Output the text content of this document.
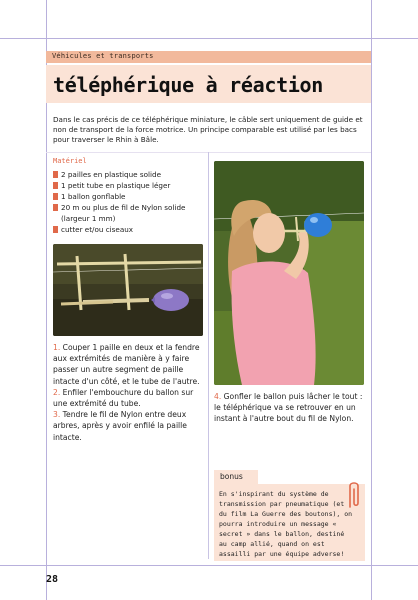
Véhicules et transports
téléphérique à réaction
Dans le cas précis de ce téléphérique miniature, le câble sert uniquement de guide et non de transport de la force motrice. Un principe comparable est utilisé par les bacs pour traverser le Rhin à Bâle.
Matériel
2 pailles en plastique solide
1 petit tube en plastique léger
1 ballon gonflable
20 m ou plus de fil de Nylon solide
(largeur 1 mm)
cutter et/ou ciseaux
1. Couper 1 paille en deux et la fendre aux extrémités de manière à y faire passer un autre segment de paille intacte d'un côté, et le tube de l'autre.
2. Enfiler l'embouchure du ballon sur une extrémité du tube.
3. Tendre le fil de Nylon entre deux arbres, après y avoir enfilé la paille intacte.
4. Gonfler le ballon puis lâcher le tout : le téléphérique va se retrouver en un instant à l'autre bout du fil de Nylon.
bonus
En s'inspirant du système de transmission par pneumatique (et du film La Guerre des boutons), on pourra introduire un message « secret » dans le ballon, destiné au camp allié, quand on est assailli par une équipe adverse!
28
